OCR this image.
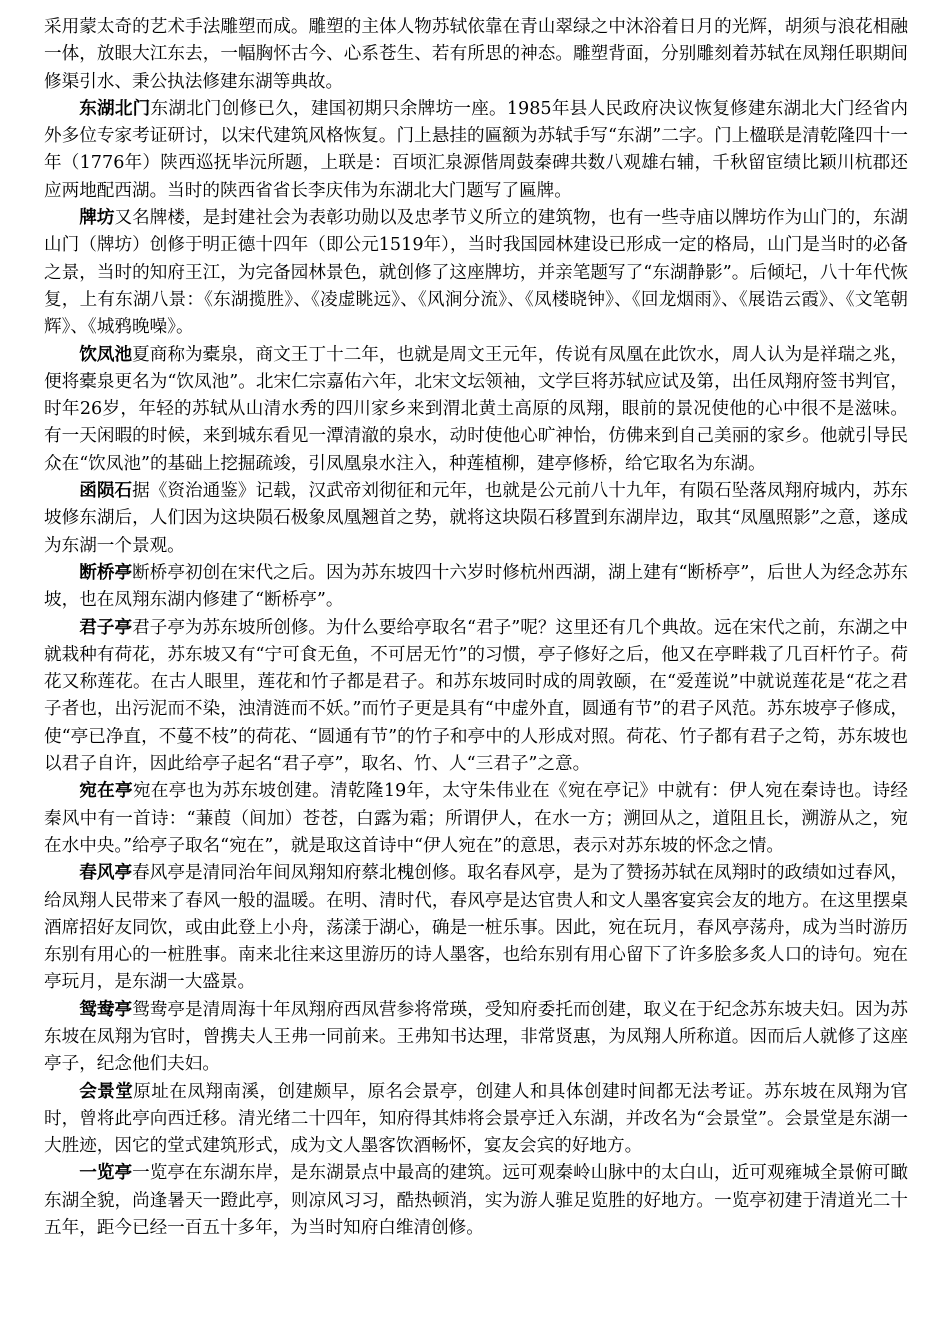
采用蒙太奇的艺术手法雕塑而成。雕塑的主体人物苏轼依靠在青山翠绿之中沐浴着日月的光辉，胡须与浪花相融一体，放眼大江东去，一幅胸怀古今、心系苍生、若有所思的神态。雕塑背面，分别雕刻着苏轼在凤翔任职期间修渠引水、秉公执法修建东湖等典故。

东湖北门东湖北门创修已久，建国初期只余牌坊一座。1985年县人民政府决议恢复修建东湖北大门经省内外多位专家考证研讨，以宋代建筑风格恢复。门上悬挂的匾额为苏轼手写“东湖”二字。门上楹联是清乾隆四十一年（1776年）陕西巡抚毕沅所题，上联是：百顷汇泉源偕周鼓秦碑共数八观雄右辅，千秋留宦绩比颖川杭郡还应两地配西湖。当时的陕西省省长李庆伟为东湖北大门题写了匾牌。

牌坊又名牌楼，是封建社会为表彰功勋以及忠孝节义所立的建筑物，也有一些寺庙以牌坊作为山门的，东湖山门（牌坊）创修于明正德十四年（即公元1519年），当时我国园林建设已形成一定的格局，山门是当时的必备之景，当时的知府王江，为完备园林景色，就创修了这座牌坊，并亲笔题写了“东湖静影”。后倾圮，八十年代恢复，上有东湖八景：《东湖揽胜》、《凌虚眺远》、《风涧分流》、《凤楼晓钟》、《回龙烟雨》、《展诰云霞》、《文笔朝辉》、《城鸦晚噪》。

饮凤池夏商称为橐泉，商文王丁十二年，也就是周文王元年，传说有凤凰在此饮水，周人认为是祥瑞之兆，便将橐泉更名为“饮凤池”。北宋仁宗嘉佑六年，北宋文坛领袖，文学巨将苏轼应试及第，出任凤翔府签书判官，时年26岁，年轻的苏轼从山清水秀的四川家乡来到渭北黄土高原的凤翔，眼前的景况使他的心中很不是滋味。有一天闲暇的时候，来到城东看见一潭清澈的泉水，动时使他心旷神怡，仿佛来到自己美丽的家乡。他就引导民众在“饮凤池”的基础上挖掘疏竣，引凤凰泉水注入，种莲植柳，建亭修桥，给它取名为东湖。

函陨石据《资治通鉴》记载，汉武帝刘彻征和元年，也就是公元前八十九年，有陨石坠落凤翔府城内，苏东坡修东湖后，人们因为这块陨石极象凤凰翘首之势，就将这块陨石移置到东湖岸边，取其“凤凰照影”之意，遂成为东湖一个景观。

断桥亭断桥亭初创在宋代之后。因为苏东坡四十六岁时修杭州西湖，湖上建有“断桥亭”，后世人为经念苏东坡，也在凤翔东湖内修建了“断桥亭”。

君子亭君子亭为苏东坡所创修。为什么要给亭取名“君子”呢？这里还有几个典故。远在宋代之前，东湖之中就栽种有荷花，苏东坡又有“宁可食无鱼，不可居无竹”的习惯，亭子修好之后，他又在亭畔栽了几百杆竹子。荷花又称莲花。在古人眼里，莲花和竹子都是君子。和苏东坡同时成的周敦颐，在“爱莲说”中就说莲花是“花之君子者也，出污泥而不染，浊清涟而不妖。”而竹子更是具有“中虚外直，圆通有节”的君子风范。苏东坡亭子修成，使“亭已净直，不蔓不枝”的荷花、“圆通有节”的竹子和亭中的人形成对照。荷花、竹子都有君子之笱，苏东坡也以君子自许，因此给亭子起名“君子亭”，取名、竹、人“三君子”之意。

宛在亭宛在亭也为苏东坡创建。清乾隆19年，太守朱伟业在《宛在亭记》中就有：伊人宛在秦诗也。诗经秦风中有一首诗：“蒹葭（间加）苍苍，白露为霜；所谓伊人，在水一方；溯回从之，道阻且长，溯游从之，宛在水中央。”给亭子取名“宛在”，就是取这首诗中“伊人宛在”的意思，表示对苏东坡的怀念之情。

春风亭春风亭是清同治年间凤翔知府蔡北槐创修。取名春风亭，是为了赞扬苏轼在凤翔时的政绩如过春风，给凤翔人民带来了春风一般的温暖。在明、清时代，春风亭是达官贵人和文人墨客宴宾会友的地方。在这里摆桌酒席招好友同饮，或由此登上小舟，荡漾于湖心，确是一桩乐事。因此，宛在玩月，春风亭荡舟，成为当时游历东别有用心的一桩胜事。南来北往来这里游历的诗人墨客，也给东别有用心留下了许多脍多炙人口的诗句。宛在亭玩月，是东湖一大盛景。

鸳鸯亭鸳鸯亭是清周海十年凤翔府西凤营参将常瑛，受知府委托而创建，取义在于纪念苏东坡夫妇。因为苏东坡在凤翔为官时，曾携夫人王弗一同前来。王弗知书达理，非常贤惠，为凤翔人所称道。因而后人就修了这座亭子，纪念他们夫妇。

会景堂原址在凤翔南溪，创建颇早，原名会景亭，创建人和具体创建时间都无法考证。苏东坡在凤翔为官时，曾将此亭向西迁移。清光绪二十四年，知府得其炜将会景亭迁入东湖，并改名为“会景堂”。会景堂是东湖一大胜迹，因它的堂式建筑形式，成为文人墨客饮酒畅怀，宴友会宾的好地方。

一览亭一览亭在东湖东岸，是东湖景点中最高的建筑。远可观秦岭山脉中的太白山，近可观雍城全景俯可瞰东湖全貌，尚逢暑天一蹬此亭，则凉风习习，酷热顿消，实为游人骓足览胜的好地方。一览亭初建于清道光二十五年，距今已经一百五十多年，为当时知府白维清创修。
